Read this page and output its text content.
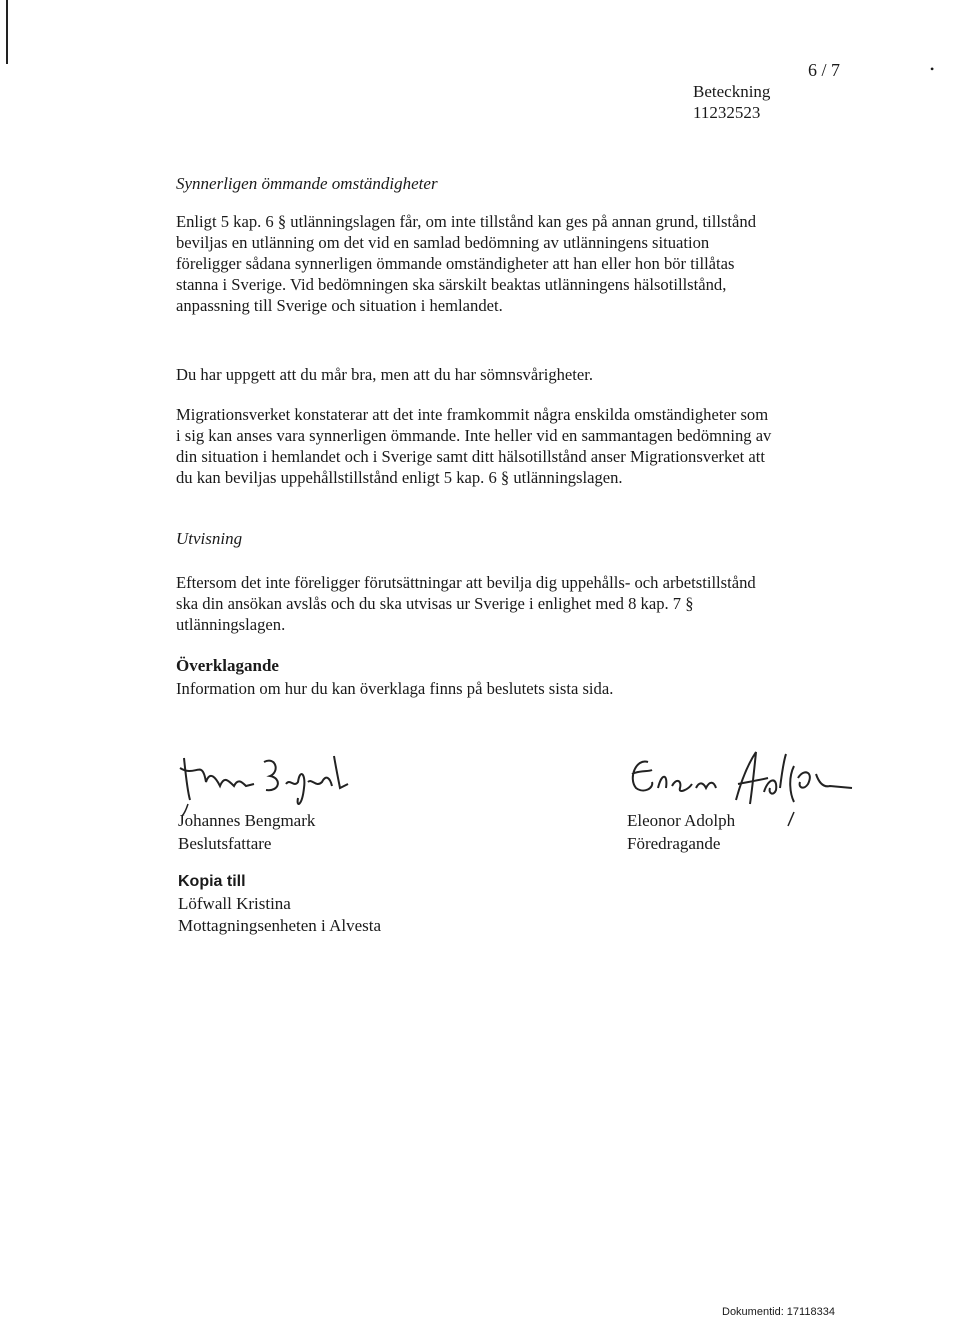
6 / 7	•
Beteckning
11232523
Synnerligen ömmande omständigheter

Enligt 5 kap. 6 § utlänningslagen får, om inte tillstånd kan ges på annan grund, tillstånd beviljas en utlänning om det vid en samlad bedömning av utlänningens situation föreligger sådana synnerligen ömmande omständigheter att han eller hon bör tillåtas stanna i Sverige. Vid bedömningen ska särskilt beaktas utlänningens hälsotillstånd, anpassning till Sverige och situation i hemlandet.

Du har uppgett att du mår bra, men att du har sömnsvårigheter.

Migrationsverket konstaterar att det inte framkommit några enskilda omständigheter som i sig kan anses vara synnerligen ömmande. Inte heller vid en sammantagen bedömning av din situation i hemlandet och i Sverige samt ditt hälsotillstånd anser Migrationsverket att du kan beviljas uppehållstillstånd enligt 5 kap. 6 § utlänningslagen.

Utvisning

Eftersom det inte föreligger förutsättningar att bevilja dig uppehålls- och arbetstillstånd ska din ansökan avslås och du ska utvisas ur Sverige i enlighet med 8 kap. 7 § utlänningslagen.

Överklagande

Information om hur du kan överklaga finns på beslutets sista sida.

Johannes Bengmark
Beslutsfattare
Eleonor Adolph
Föredragande
Kopia till
Löfwall Kristina
Mottagningsenheten i Alvesta
Dokumentid: 17118334
